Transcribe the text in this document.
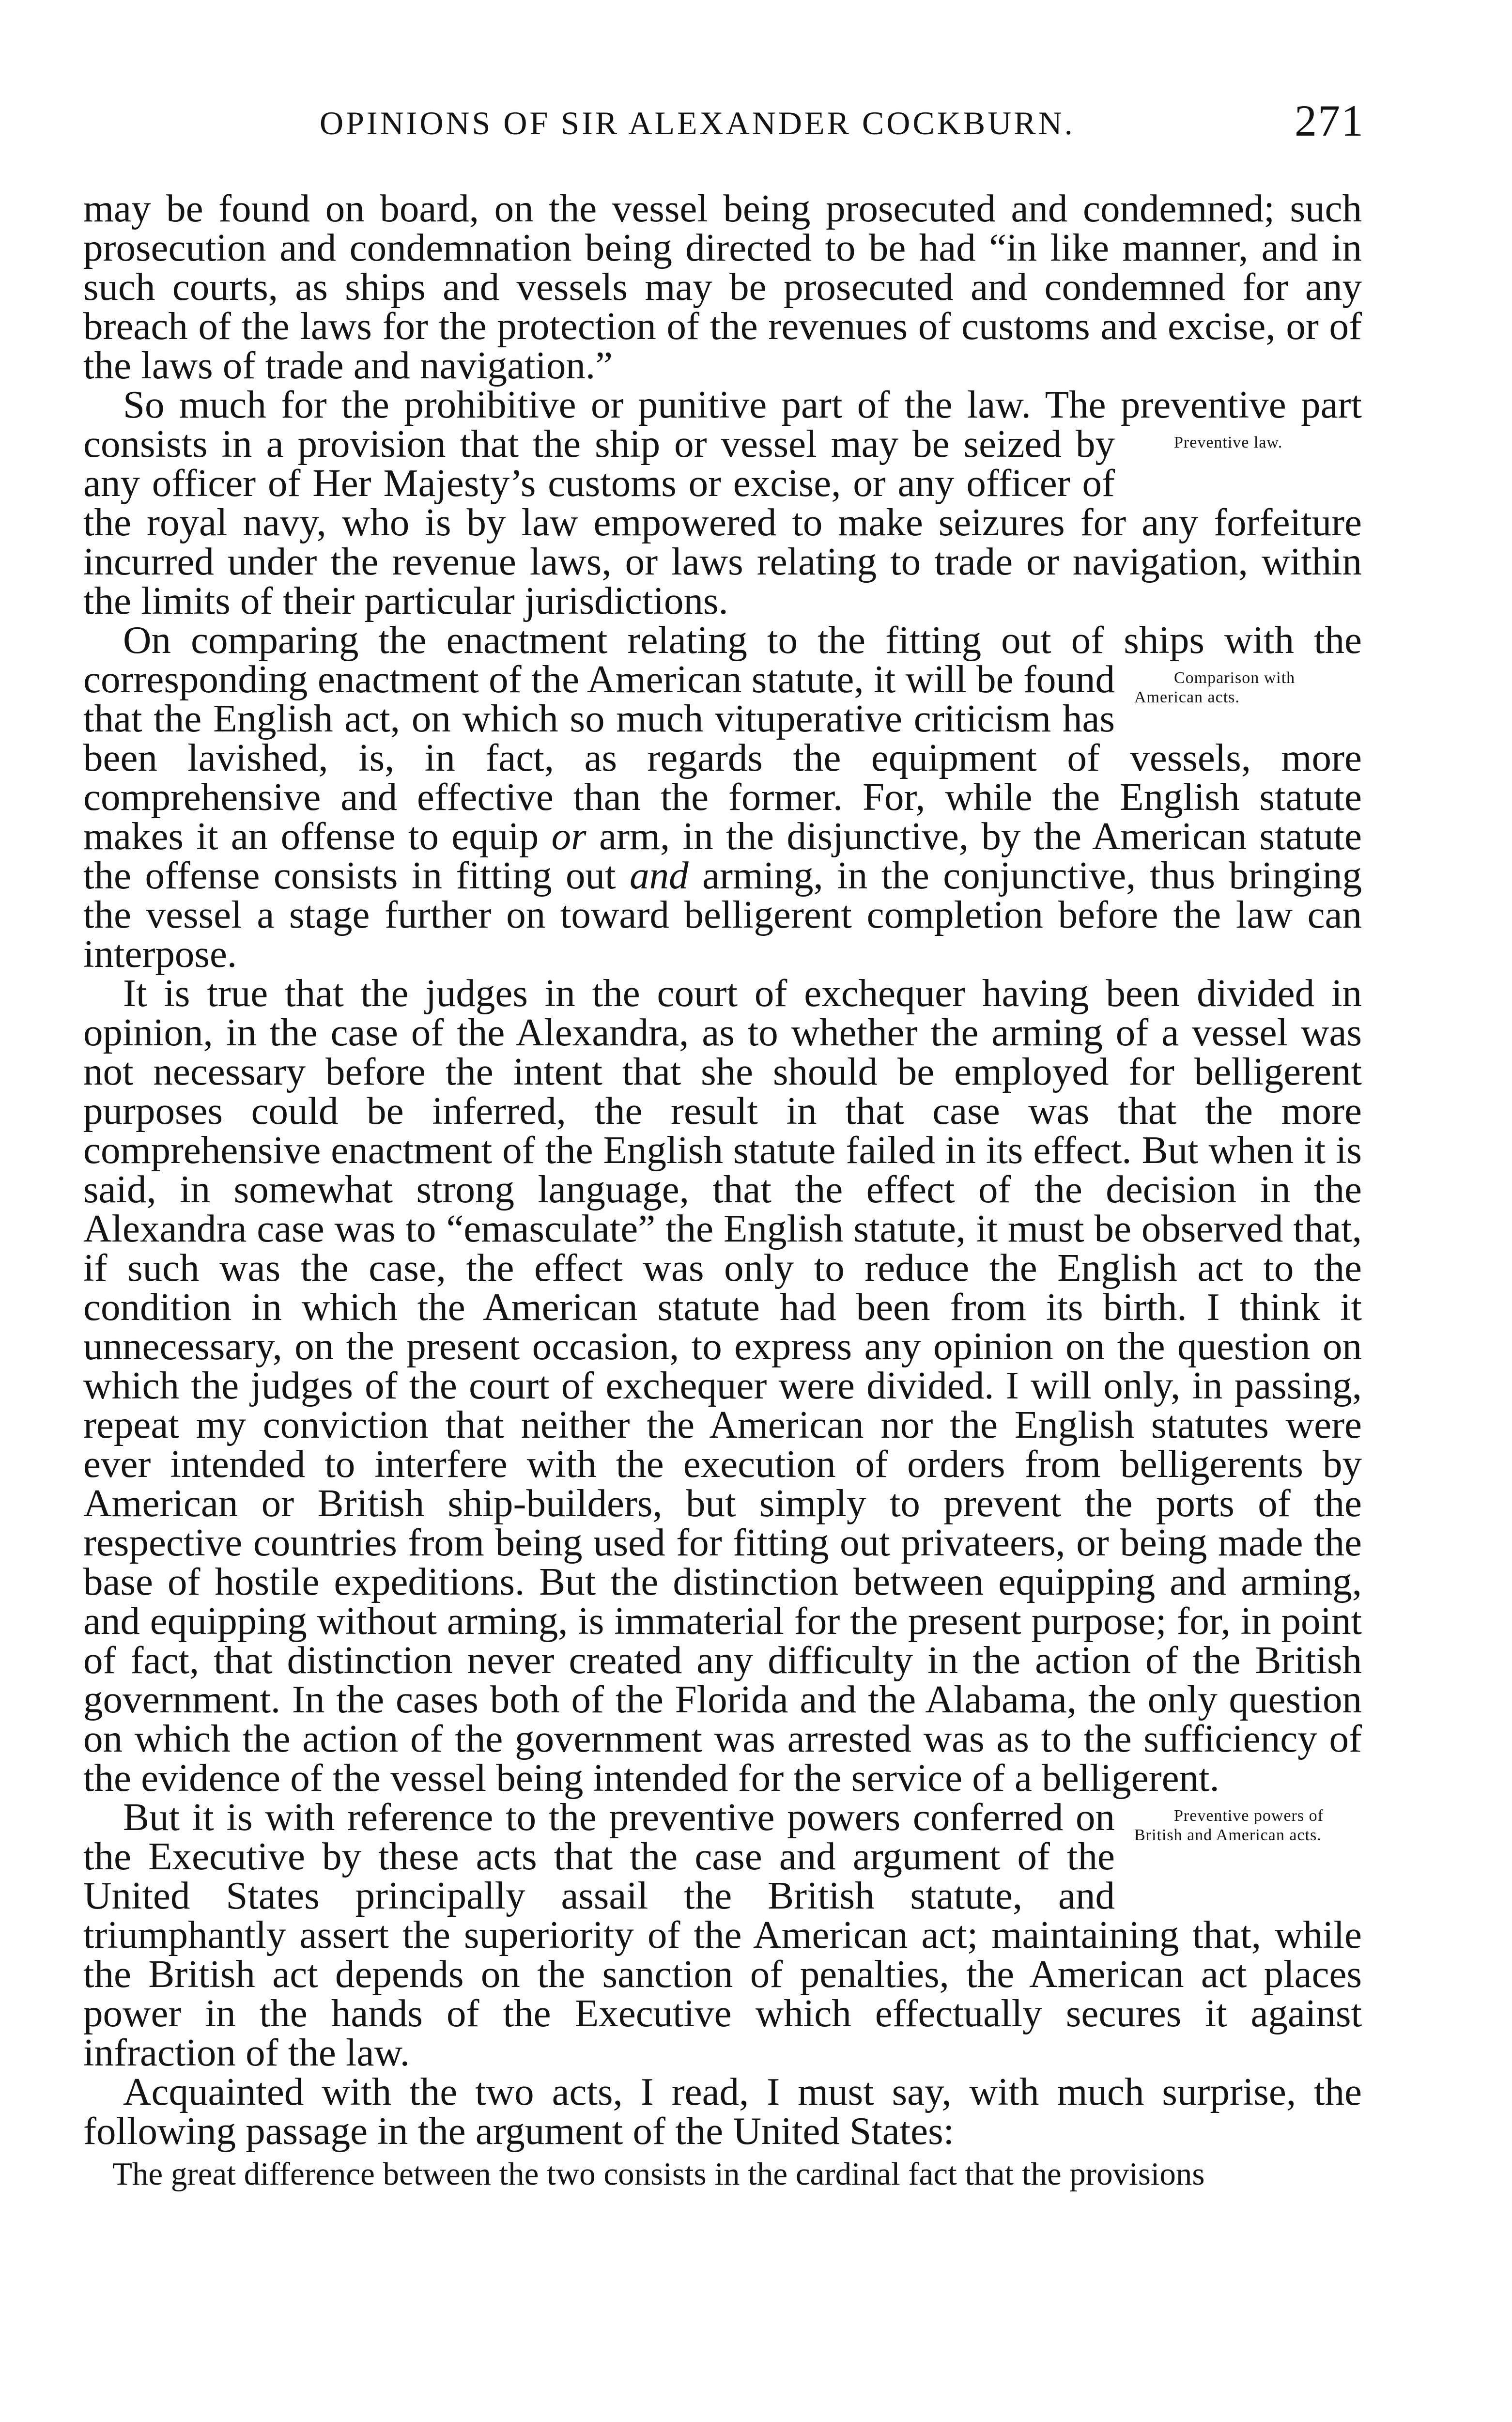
OPINIONS OF SIR ALEXANDER COCKBURN.	271

may be found on board, on the vessel being prosecuted and condemned; such prosecution and condemnation being directed to be had “in like manner, and in such courts, as ships and vessels may be prosecuted and condemned for any breach of the laws for the protection of the revenues of customs and excise, or of the laws of trade and navigation.”

So much for the prohibitive or punitive part of the law. The preventive part consists in a provision that the ship or vessel	Preventive law.
may be seized by any officer of Her Majesty’s customs or excise, or any officer of the royal navy, who is by law empowered to make seizures for any forfeiture incurred under the revenue laws, or laws relating to trade or navigation, within the limits of their particular jurisdictions.

On comparing the enactment relating to the fitting out of ships with the corresponding enactment of the American statute, it	Comparison with American acts.
will be found that the English act, on which so much vituperative criticism has been lavished, is, in fact, as regards the equipment of vessels, more comprehensive and effective than the former. For, while the English statute makes it an offense to equip or arm, in the disjunctive, by the American statute the offense consists in fitting out and arming, in the conjunctive, thus bringing the vessel a stage further on toward belligerent completion before the law can interpose.

It is true that the judges in the court of exchequer having been divided in opinion, in the case of the Alexandra, as to whether the arming of a vessel was not necessary before the intent that she should be employed for belligerent purposes could be inferred, the result in that case was that the more comprehensive enactment of the English statute failed in its effect. But when it is said, in somewhat strong language, that the effect of the decision in the Alexandra case was to “emasculate” the English statute, it must be observed that, if such was the case, the effect was only to reduce the English act to the condition in which the American statute had been from its birth. I think it unnecessary, on the present occasion, to express any opinion on the question on which the judges of the court of exchequer were divided. I will only, in passing, repeat my conviction that neither the American nor the English statutes were ever intended to interfere with the execution of orders from belligerents by American or British ship-builders, but simply to prevent the ports of the respective countries from being used for fitting out privateers, or being made the base of hostile expeditions. But the distinction between equipping and arming, and equipping without arming, is immaterial for the present purpose; for, in point of fact, that distinction never created any difficulty in the action of the British government. In the cases both of the Florida and the Alabama, the only question on which the action of the government was arrested was as to the sufficiency of the evidence of the vessel being intended for the service of a belligerent.

Preventive powers of British and American acts.
But it is with reference to the preventive powers conferred on the Executive by these acts that the case and argument of the United States principally assail the British statute, and triumphantly assert the superiority of the American act; maintaining that, while the British act depends on the sanction of penalties, the American act places power in the hands of the Executive which effectually secures it against infraction of the law.

Acquainted with the two acts, I read, I must say, with much surprise, the following passage in the argument of the United States:

The great difference between the two consists in the cardinal fact that the provisions
